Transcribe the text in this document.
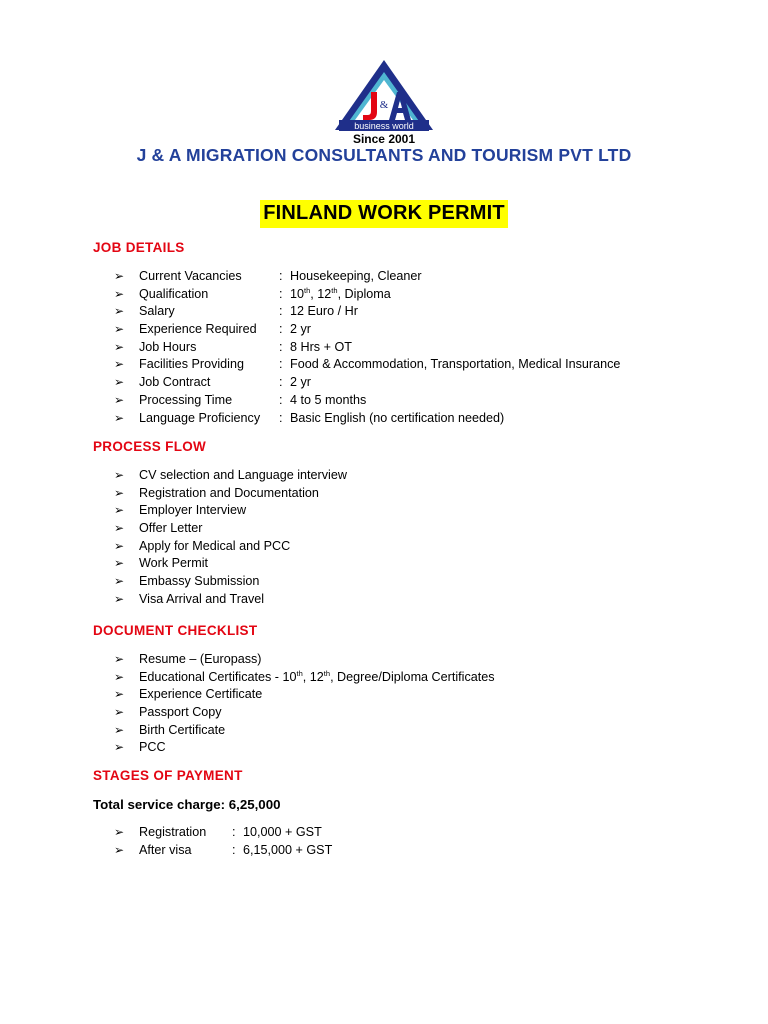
&
business world
Since 2001
J & A MIGRATION CONSULTANTS AND TOURISM PVT LTD
FINLAND WORK PERMIT
JOB DETAILS
➢ Current Vacancies	: Housekeeping, Cleaner
➢ Qualification	: 10th, 12th, Diploma
➢ Salary	: 12 Euro / Hr
➢ Experience Required : 2 yr
➢ Job Hours	: 8 Hrs + OT
➢ Facilities Providing	: Food & Accommodation, Transportation, Medical Insurance
➢ Job Contract	: 2 yr
➢ Processing Time	: 4 to 5 months
➢ Language Proficiency : Basic English (no certification needed)
PROCESS FLOW
➢ CV selection and Language interview
➢ Registration and Documentation
➢ Employer Interview
➢ Offer Letter
➢ Apply for Medical and PCC
➢ Work Permit
➢ Embassy Submission
➢ Visa Arrival and Travel
DOCUMENT CHECKLIST
➢ Resume – (Europass)
➢ Educational Certificates - 10th, 12th, Degree/Diploma Certificates
➢ Experience Certificate
➢ Passport Copy
➢ Birth Certificate
➢ PCC
STAGES OF PAYMENT
Total service charge: 6,25,000
➢ Registration : 10,000 + GST
➢ After visa	: 6,15,000 + GST
